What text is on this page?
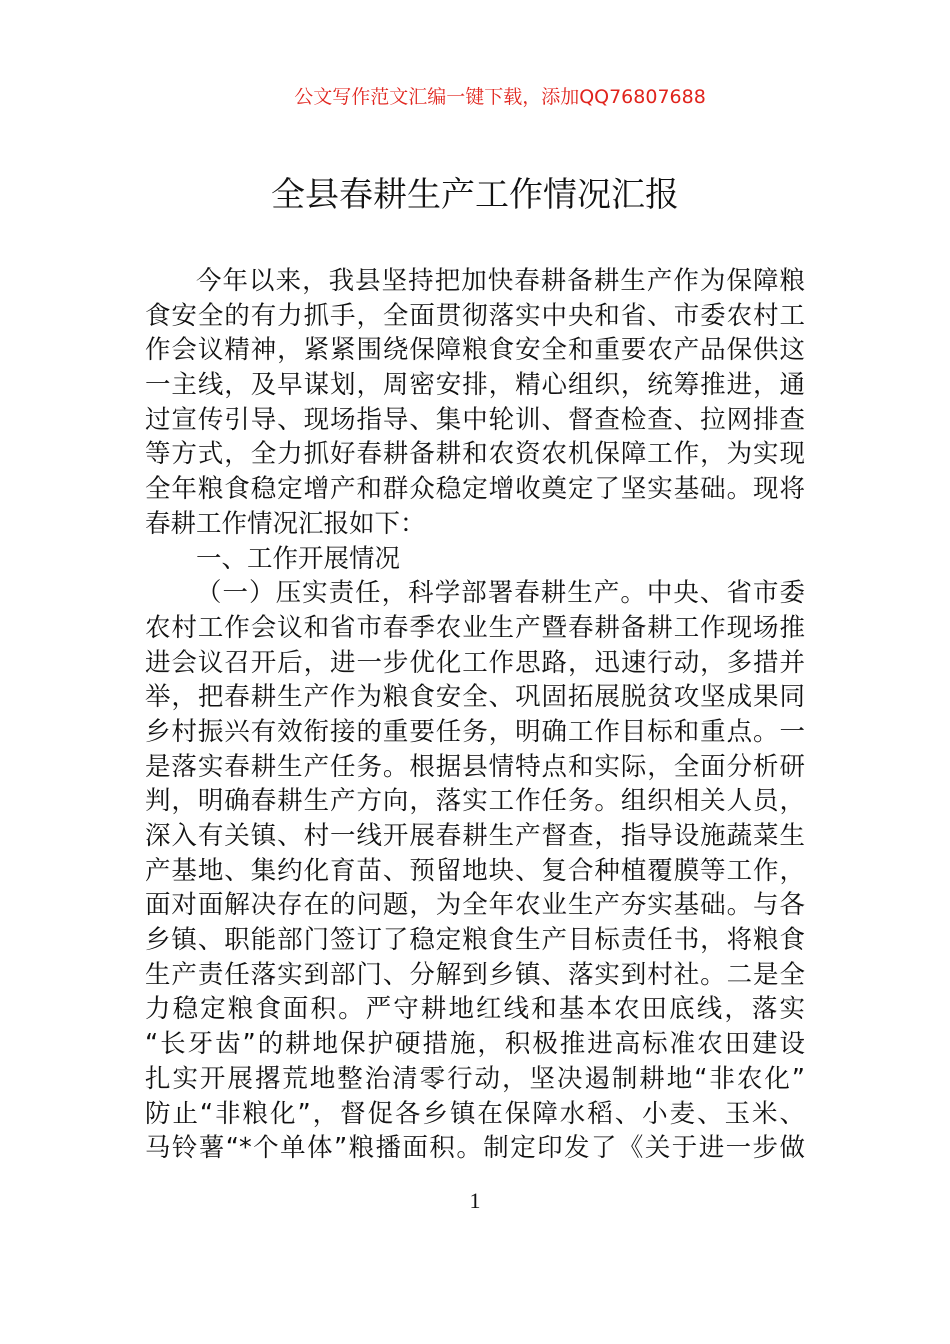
公文写作范文汇编一键下载，添加QQ76807688
全县春耕生产工作情况汇报
今年以来，我县坚持把加快春耕备耕生产作为保障粮
食安全的有力抓手，全面贯彻落实中央和省、市委农村工
作会议精神，紧紧围绕保障粮食安全和重要农产品保供这
一主线，及早谋划，周密安排，精心组织，统筹推进，通
过宣传引导、现场指导、集中轮训、督查检查、拉网排查
等方式，全力抓好春耕备耕和农资农机保障工作，为实现
全年粮食稳定增产和群众稳定增收奠定了坚实基础。现将
春耕工作情况汇报如下：
一、工作开展情况
（一）压实责任，科学部署春耕生产。中央、省市委
农村工作会议和省市春季农业生产暨春耕备耕工作现场推
进会议召开后，进一步优化工作思路，迅速行动，多措并
举，把春耕生产作为粮食安全、巩固拓展脱贫攻坚成果同
乡村振兴有效衔接的重要任务，明确工作目标和重点。一
是落实春耕生产任务。根据县情特点和实际，全面分析研
判，明确春耕生产方向，落实工作任务。组织相关人员，
深入有关镇、村一线开展春耕生产督查，指导设施蔬菜生
产基地、集约化育苗、预留地块、复合种植覆膜等工作，
面对面解决存在的问题，为全年农业生产夯实基础。与各
乡镇、职能部门签订了稳定粮食生产目标责任书，将粮食
生产责任落实到部门、分解到乡镇、落实到村社。二是全
力稳定粮食面积。严守耕地红线和基本农田底线，落实
“长牙齿”的耕地保护硬措施，积极推进高标准农田建设
扎实开展撂荒地整治清零行动，坚决遏制耕地“非农化”
防止“非粮化”，督促各乡镇在保障水稻、小麦、玉米、
马铃薯“*个单体”粮播面积。制定印发了《关于进一步做
1
